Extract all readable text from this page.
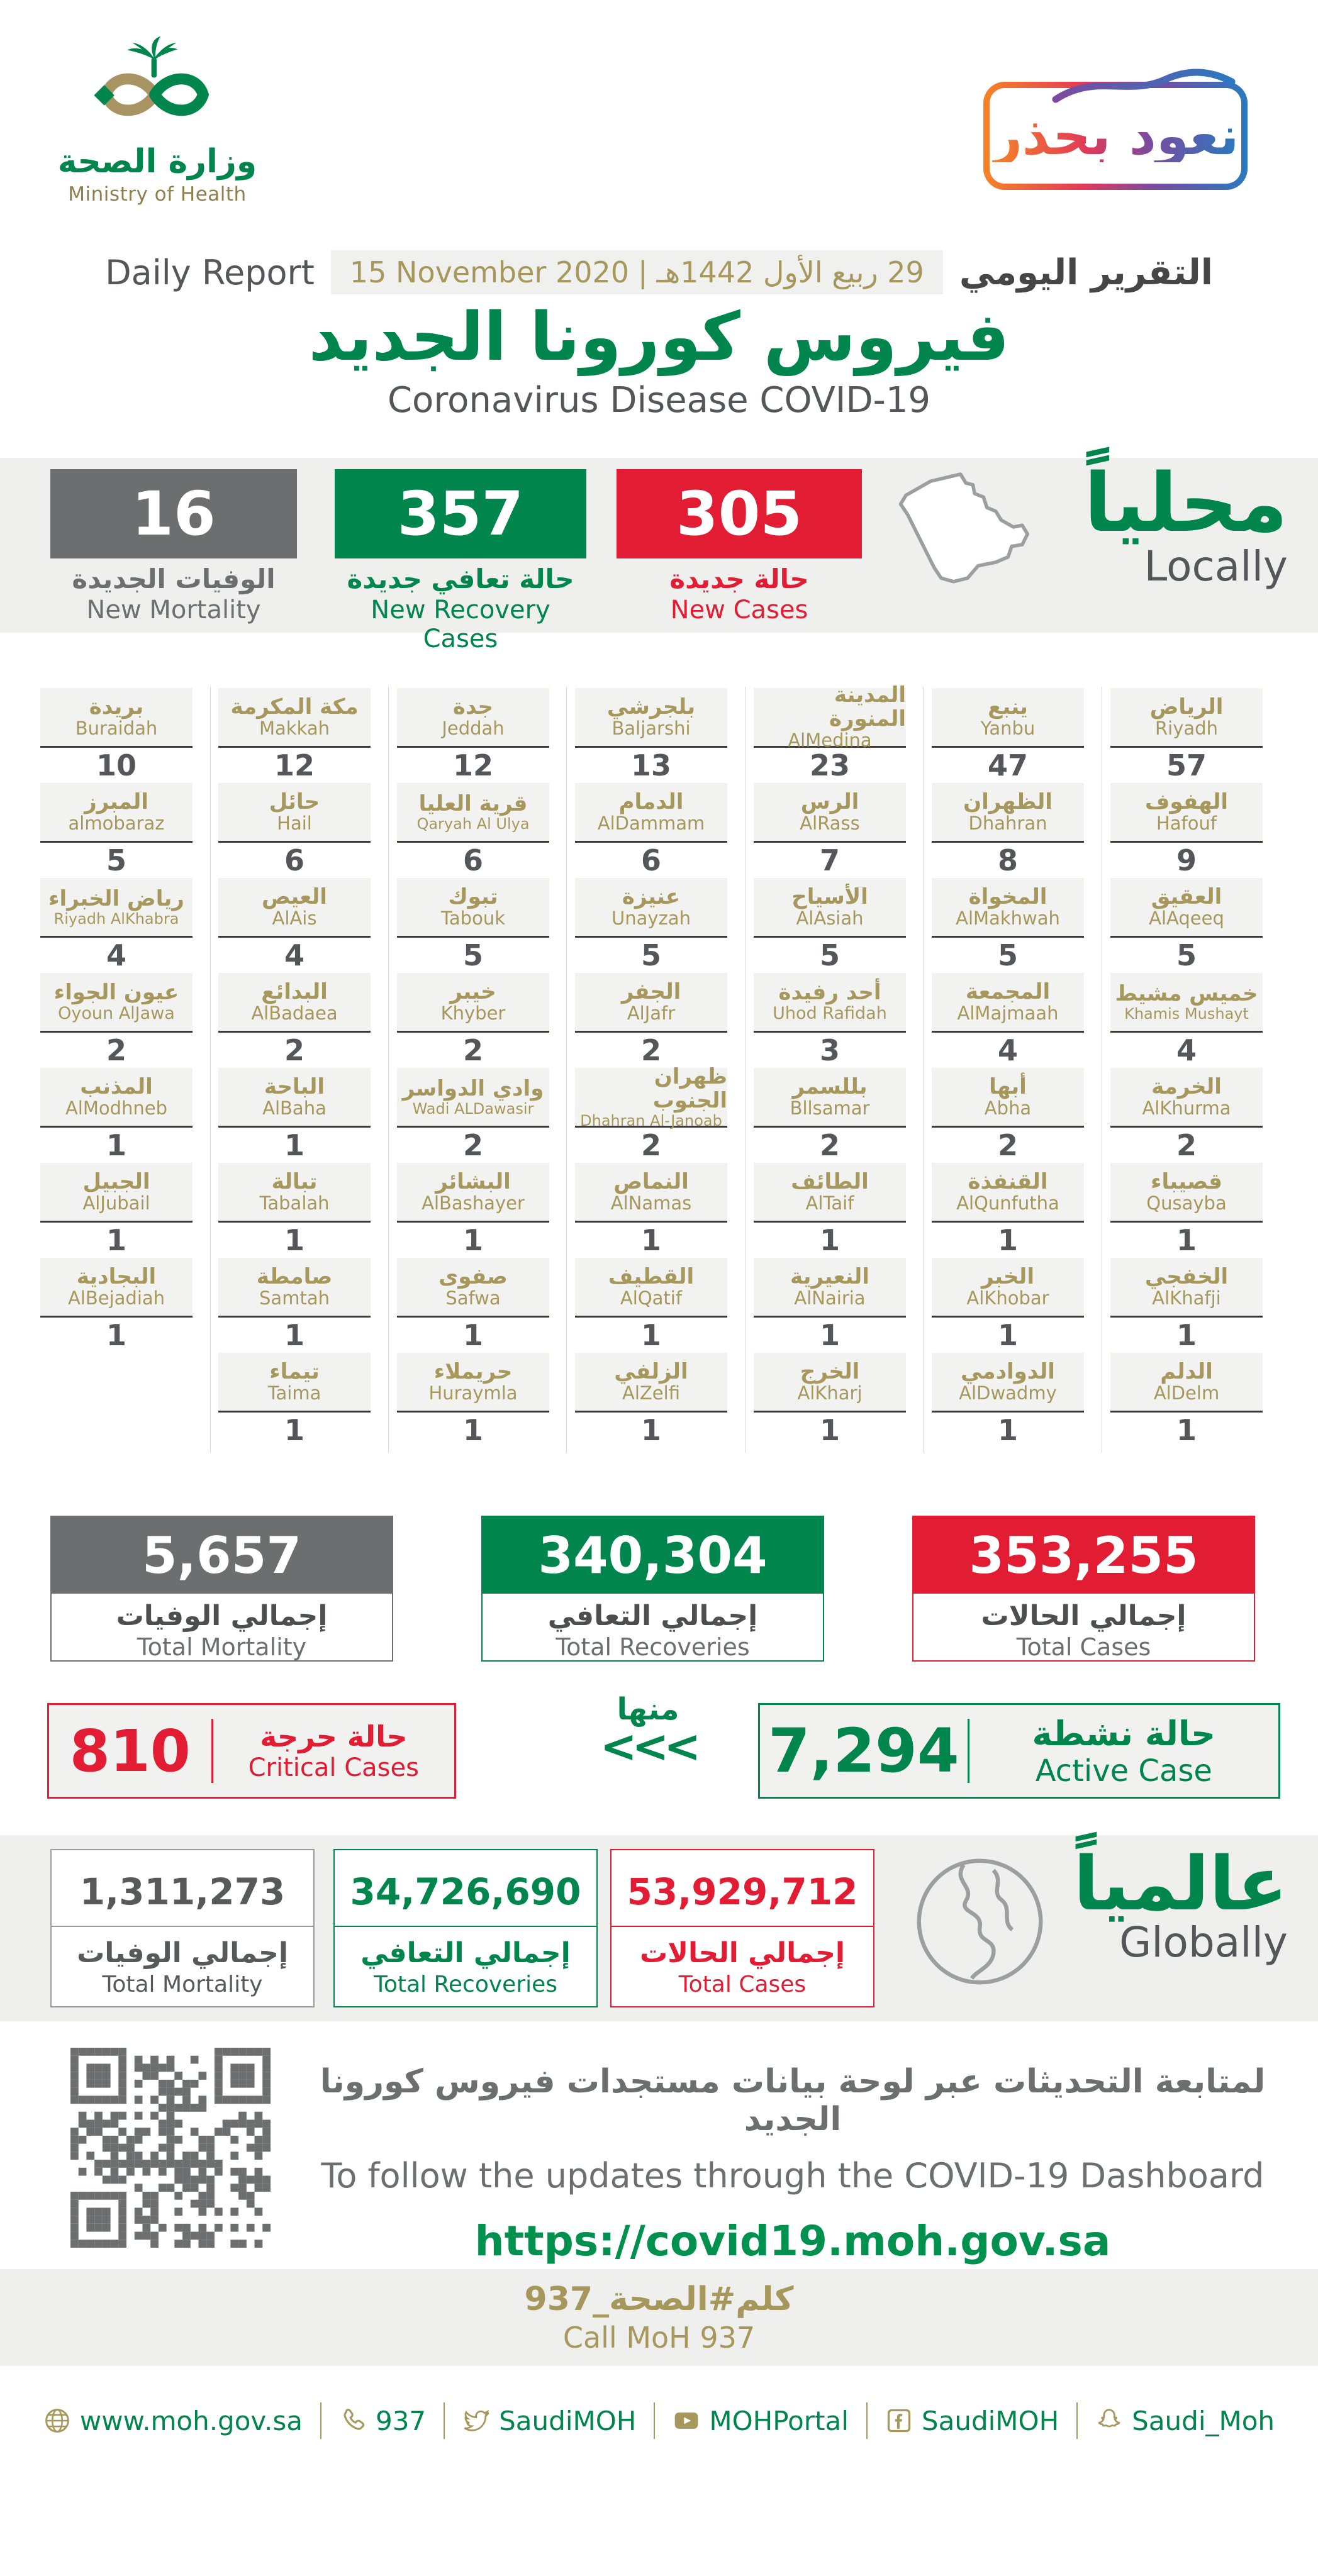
وزارة الصحة
Ministry of Health
نعود بحذر
Daily Report 15 November 2020 | 29 ربيع الأول 1442هـ التقرير اليومي
فيروس كورونا الجديد
Coronavirus Disease COVID-19
16
الوفيات الجديدة
New Mortality
357
حالة تعافي جديدة
New Recovery Cases
305
حالة جديدة
New Cases
محلياً
Locally
بريدة
Buraidah
10
المبرز
almobaraz
5
رياض الخبراء
Riyadh AlKhabra
4
عيون الجواء
Oyoun AlJawa
2
المذنب
AlModhneb
1
الجبيل
AlJubail
1
البجادية
AlBejadiah
1
مكة المكرمة
Makkah
12
حائل
Hail
6
العيص
AlAis
4
البدائع
AlBadaea
2
الباحة
AlBaha
1
تبالة
Tabalah
1
صامطة
Samtah
1
تيماء
Taima
1
جدة
Jeddah
12
قرية العليا
Qaryah Al Ulya
6
تبوك
Tabouk
5
خيبر
Khyber
2
وادي الدواسر
Wadi ALDawasir
2
البشائر
AlBashayer
1
صفوى
Safwa
1
حريملاء
Huraymla
1
بلجرشي
Baljarshi
13
الدمام
AlDammam
6
عنيزة
Unayzah
5
الجفر
AlJafr
2
ظهران الجنوب
Dhahran Al-Janoab
2
النماص
AlNamas
1
القطيف
AlQatif
1
الزلفي
AlZelfi
1
المدينة المنورة
AlMedina
23
الرس
AlRass
7
الأسياح
AlAsiah
5
أحد رفيدة
Uhod Rafidah
3
بللسمر
Bllsamar
2
الطائف
AlTaif
1
النعيرية
AlNairia
1
الخرج
AlKharj
1
ينبع
Yanbu
47
الظهران
Dhahran
8
المخواة
AlMakhwah
5
المجمعة
AlMajmaah
4
أبها
Abha
2
القنفذة
AlQunfutha
1
الخبر
AlKhobar
1
الدوادمي
AlDwadmy
1
الرياض
Riyadh
57
الهفوف
Hafouf
9
العقيق
AlAqeeq
5
خميس مشيط
Khamis Mushayt
4
الخرمة
AlKhurma
2
قصيباء
Qusayba
1
الخفجي
AlKhafji
1
الدلم
AlDelm
1
5,657
إجمالي الوفيات
Total Mortality
340,304
إجمالي التعافي
Total Recoveries
353,255
إجمالي الحالات
Total Cases
810	حالة حرجة
Critical Cases
منها
<<< 7,294	حالة نشطة
Active Case
1,311,273
إجمالي الوفيات
Total Mortality
34,726,690
إجمالي التعافي
Total Recoveries
53,929,712
إجمالي الحالات
Total Cases
عالمياً
Globally
لمتابعة التحديثات عبر لوحة بيانات مستجدات فيروس كورونا الجديد
To follow the updates through the COVID-19 Dashboard
https://covid19.moh.gov.sa
كلم#الصحة_937
Call MoH 937
www.moh.gov.sa	937	SaudiMOH	MOHPortal	SaudiMOH	Saudi_Moh
